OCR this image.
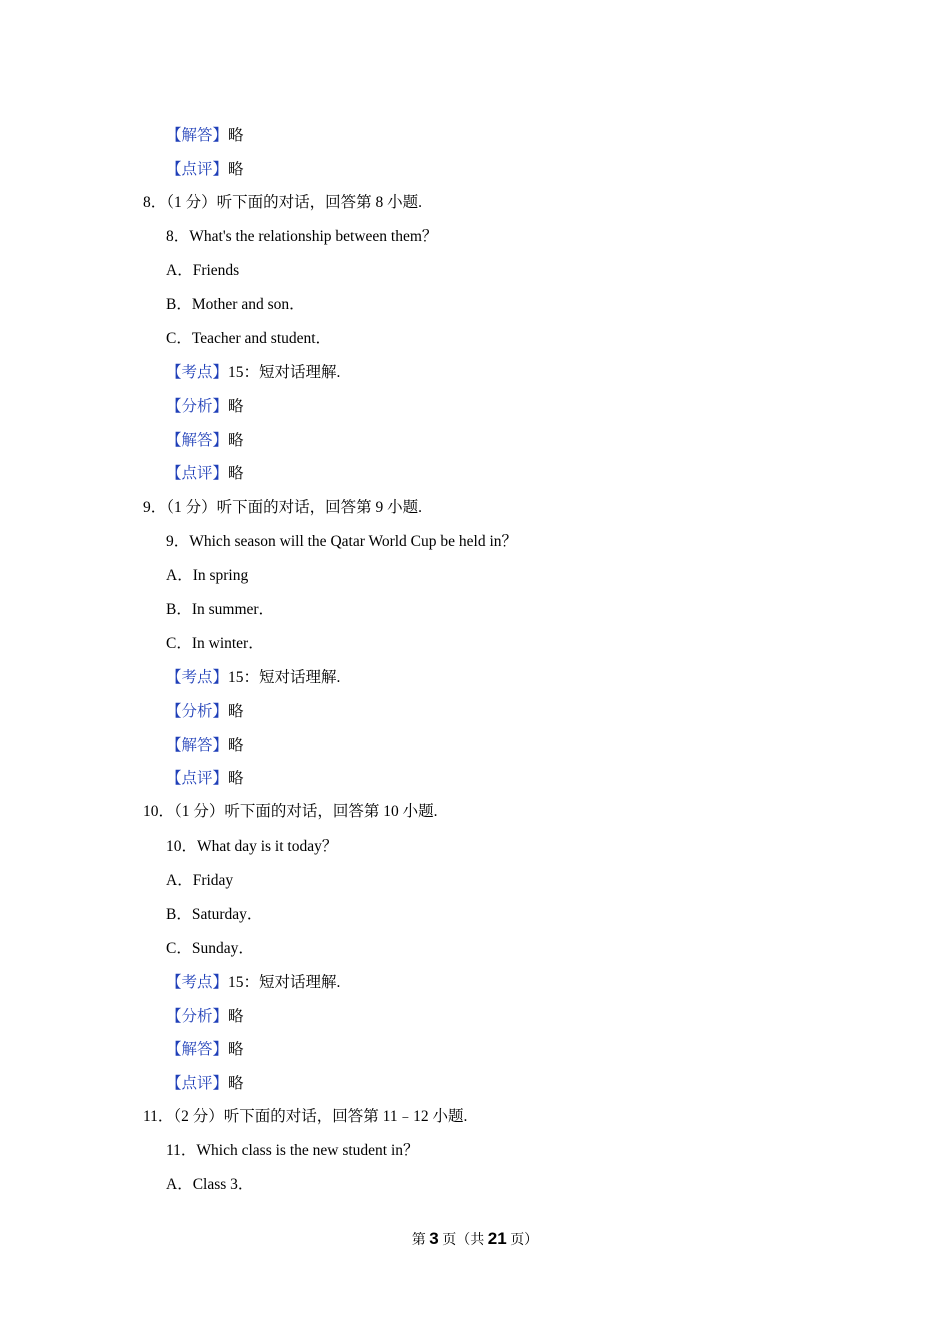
【解答】略
【点评】略
8．（1 分）听下面的对话，回答第 8 小题.
8．What's the relationship between them？
A．Friends
B．Mother and son．
C．Teacher and student．
【考点】15：短对话理解.
【分析】略
【解答】略
【点评】略
9．（1 分）听下面的对话，回答第 9 小题.
9．Which season will the Qatar World Cup be held in？
A．In spring
B．In summer．
C．In winter．
【考点】15：短对话理解.
【分析】略
【解答】略
【点评】略
10．（1 分）听下面的对话，回答第 10 小题.
10．What day is it today？
A．Friday
B．Saturday．
C．Sunday．
【考点】15：短对话理解.
【分析】略
【解答】略
【点评】略
11．（2 分）听下面的对话，回答第 11﹣12 小题.
11．Which class is the new student in？
A．Class 3．
第 3 页（共 21 页）
